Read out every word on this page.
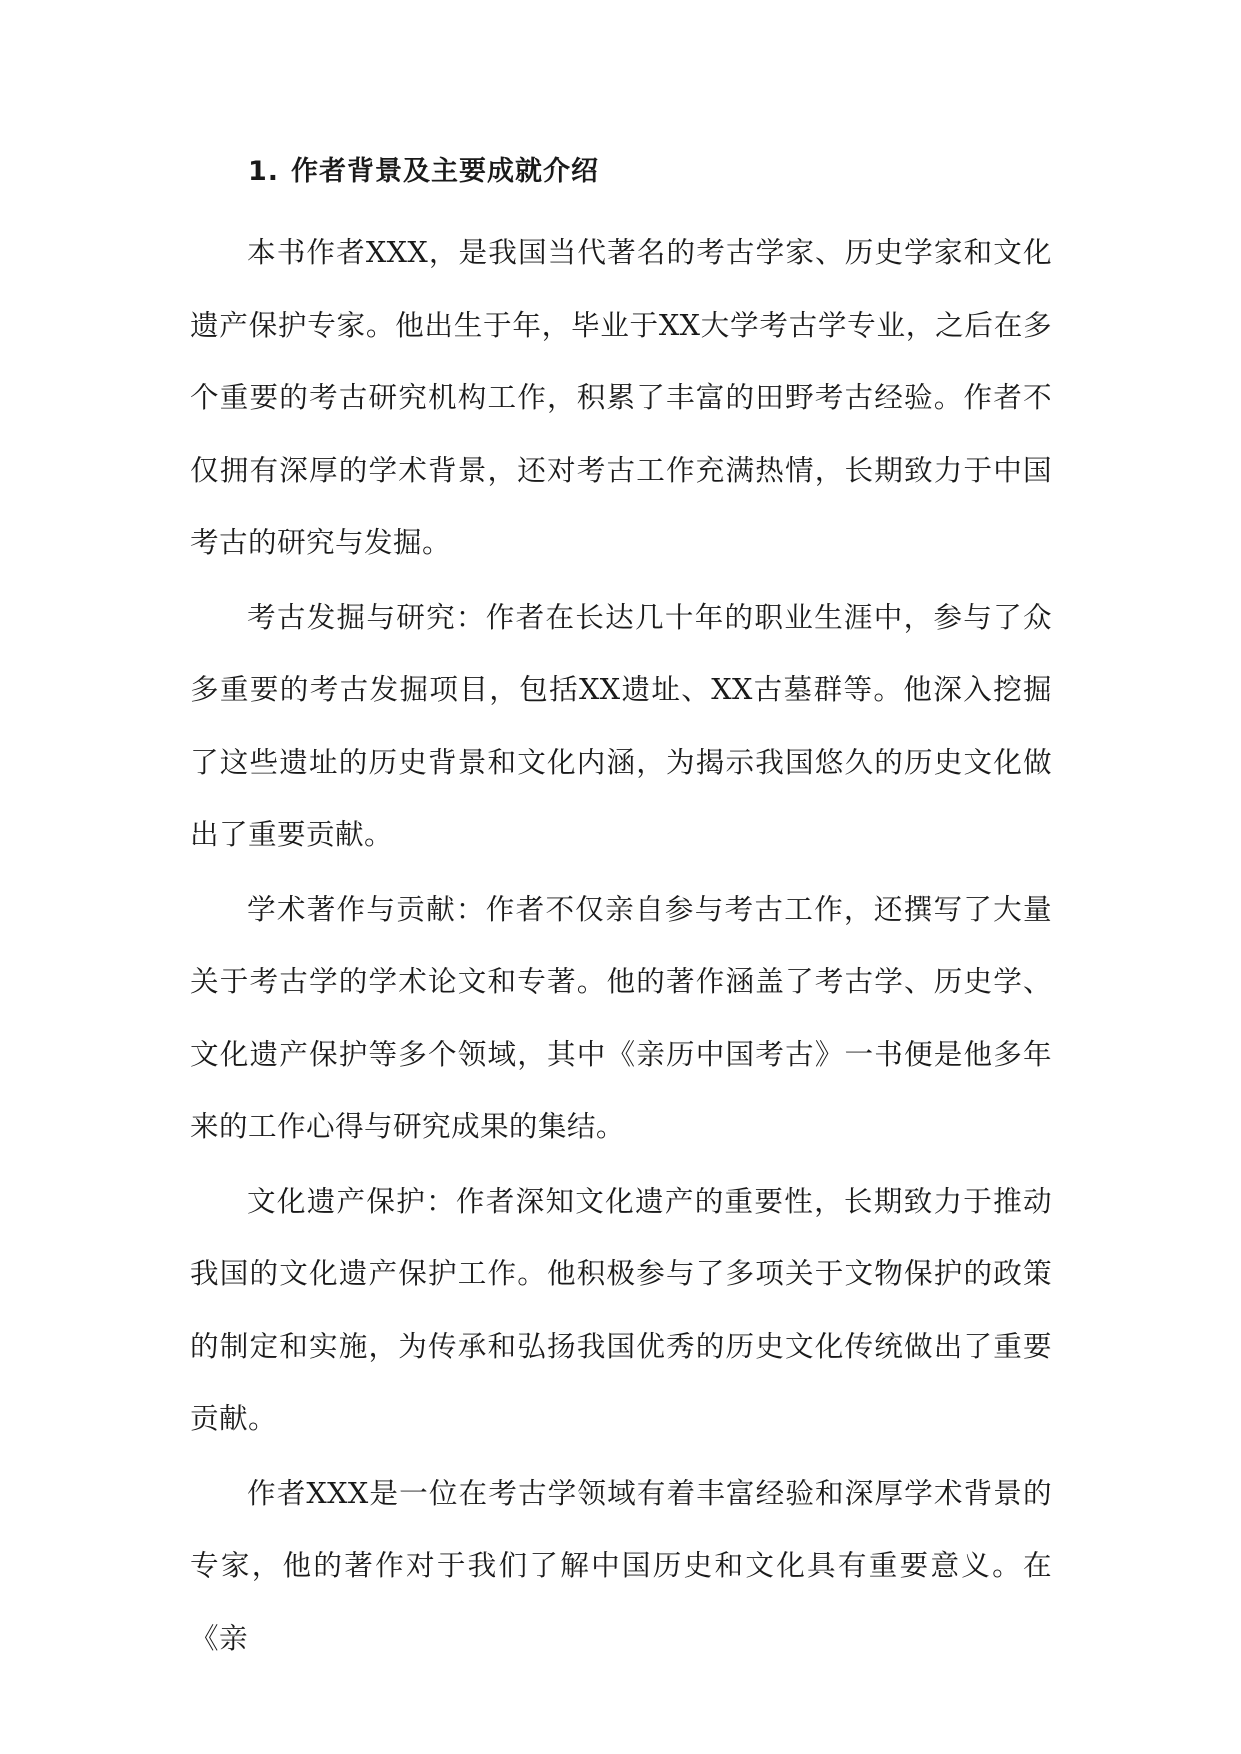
1. 作者背景及主要成就介绍

本书作者XXX，是我国当代著名的考古学家、历史学家和文化遗产保护专家。他出生于年，毕业于XX大学考古学专业，之后在多个重要的考古研究机构工作，积累了丰富的田野考古经验。作者不仅拥有深厚的学术背景，还对考古工作充满热情，长期致力于中国考古的研究与发掘。

考古发掘与研究：作者在长达几十年的职业生涯中，参与了众多重要的考古发掘项目，包括XX遗址、XX古墓群等。他深入挖掘了这些遗址的历史背景和文化内涵，为揭示我国悠久的历史文化做出了重要贡献。

学术著作与贡献：作者不仅亲自参与考古工作，还撰写了大量关于考古学的学术论文和专著。他的著作涵盖了考古学、历史学、文化遗产保护等多个领域，其中《亲历中国考古》一书便是他多年来的工作心得与研究成果的集结。

文化遗产保护：作者深知文化遗产的重要性，长期致力于推动我国的文化遗产保护工作。他积极参与了多项关于文物保护的政策的制定和实施，为传承和弘扬我国优秀的历史文化传统做出了重要贡献。

作者XXX是一位在考古学领域有着丰富经验和深厚学术背景的专家，他的著作对于我们了解中国历史和文化具有重要意义。在《亲
